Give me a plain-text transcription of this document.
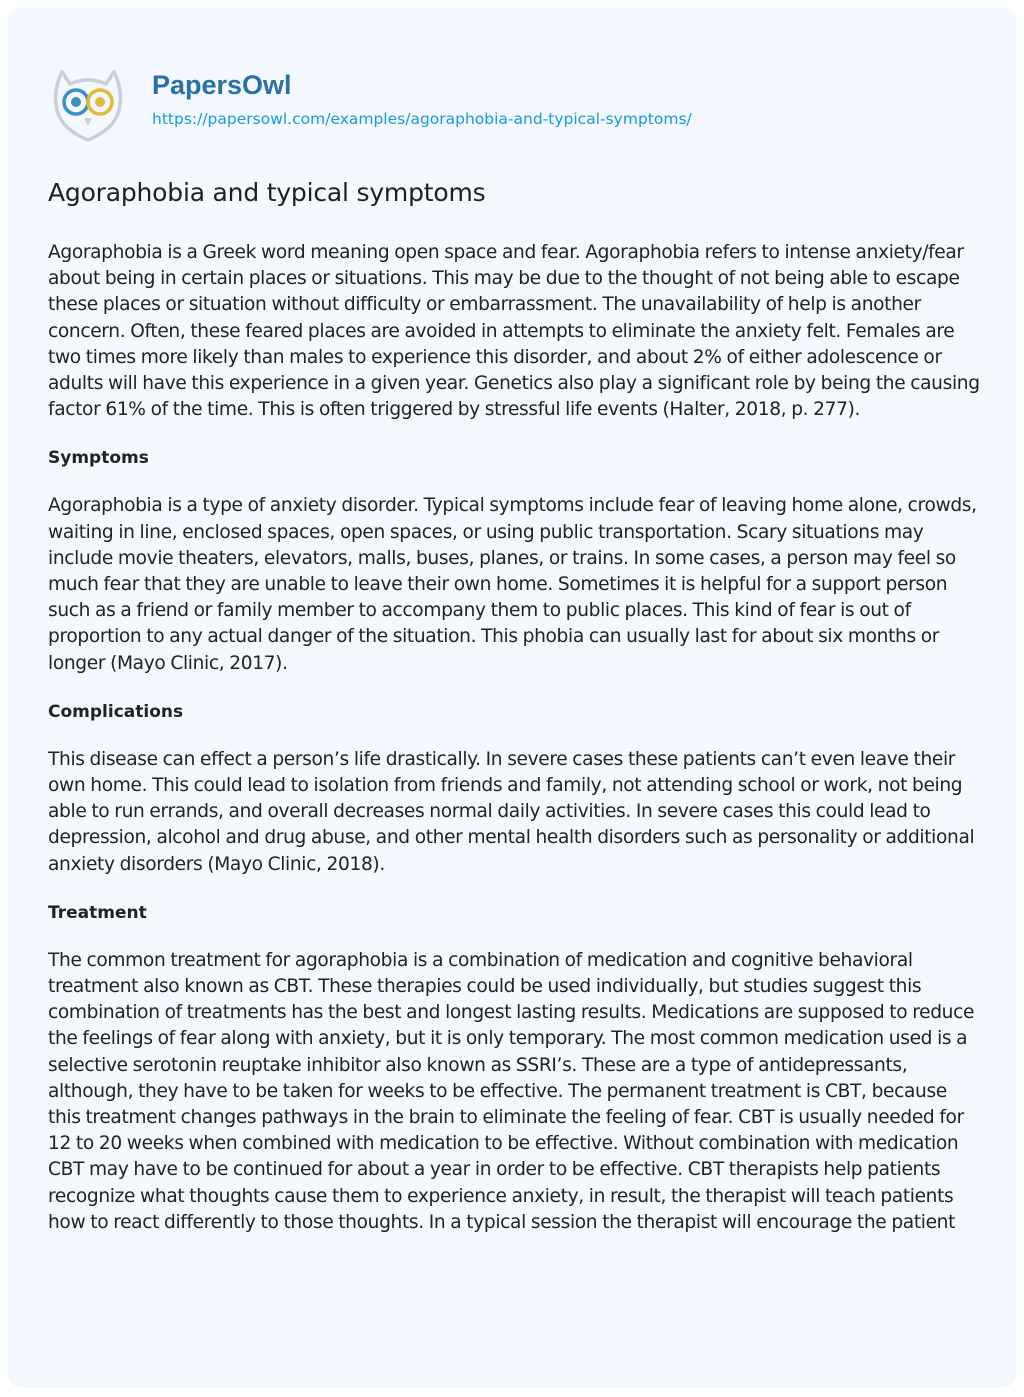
PapersOwl
https://papersowl.com/examples/agoraphobia-and-typical-symptoms/
Agoraphobia and typical symptoms

Agoraphobia is a Greek word meaning open space and fear. Agoraphobia refers to intense anxiety/fear about being in certain places or situations. This may be due to the thought of not being able to escape these places or situation without difficulty or embarrassment. The unavailability of help is another concern. Often, these feared places are avoided in attempts to eliminate the anxiety felt. Females are two times more likely than males to experience this disorder, and about 2% of either adolescence or adults will have this experience in a given year. Genetics also play a significant role by being the causing factor 61% of the time. This is often triggered by stressful life events (Halter, 2018, p. 277).

Symptoms

Agoraphobia is a type of anxiety disorder. Typical symptoms include fear of leaving home alone, crowds, waiting in line, enclosed spaces, open spaces, or using public transportation. Scary situations may include movie theaters, elevators, malls, buses, planes, or trains. In some cases, a person may feel so much fear that they are unable to leave their own home. Sometimes it is helpful for a support person such as a friend or family member to accompany them to public places. This kind of fear is out of proportion to any actual danger of the situation. This phobia can usually last for about six months or longer (Mayo Clinic, 2017).

Complications

This disease can effect a person’s life drastically. In severe cases these patients can’t even leave their own home. This could lead to isolation from friends and family, not attending school or work, not being able to run errands, and overall decreases normal daily activities. In severe cases this could lead to depression, alcohol and drug abuse, and other mental health disorders such as personality or additional anxiety disorders (Mayo Clinic, 2018).

Treatment

The common treatment for agoraphobia is a combination of medication and cognitive behavioral treatment also known as CBT. These therapies could be used individually, but studies suggest this combination of treatments has the best and longest lasting results. Medications are supposed to reduce the feelings of fear along with anxiety, but it is only temporary. The most common medication used is a selective serotonin reuptake inhibitor also known as SSRI’s. These are a type of antidepressants, although, they have to be taken for weeks to be effective. The permanent treatment is CBT, because this treatment changes pathways in the brain to eliminate the feeling of fear. CBT is usually needed for 12 to 20 weeks when combined with medication to be effective. Without combination with medication CBT may have to be continued for about a year in order to be effective. CBT therapists help patients recognize what thoughts cause them to experience anxiety, in result, the therapist will teach patients how to react differently to those thoughts. In a typical session the therapist will encourage the patient
